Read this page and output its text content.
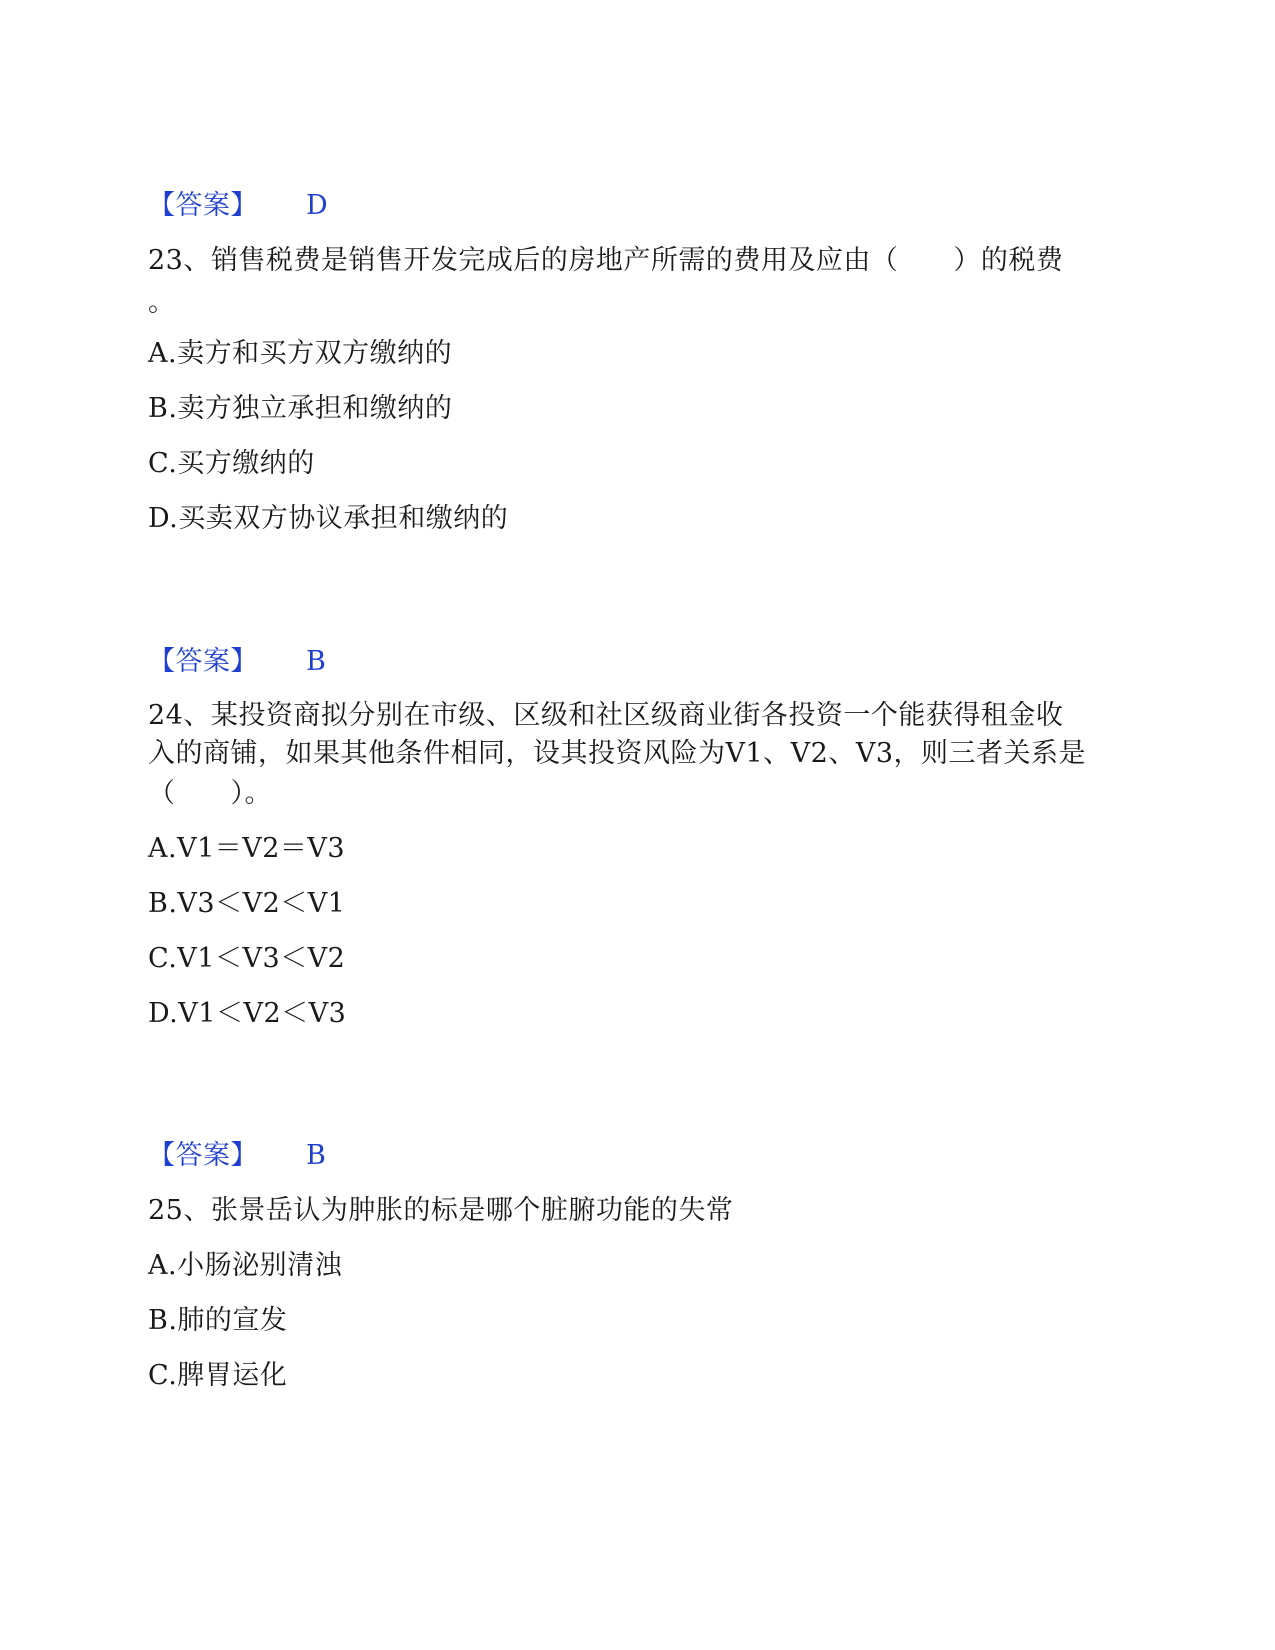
【答案】 D
23、销售税费是销售开发完成后的房地产所需的费用及应由（　　）的税费
。
A.卖方和买方双方缴纳的
B.卖方独立承担和缴纳的
C.买方缴纳的
D.买卖双方协议承担和缴纳的
【答案】 B
24、某投资商拟分别在市级、区级和社区级商业街各投资一个能获得租金收
入的商铺，如果其他条件相同，设其投资风险为V1、V2、V3，则三者关系是
（　　）。
A.V1＝V2＝V3
B.V3＜V2＜V1
C.V1＜V3＜V2
D.V1＜V2＜V3
【答案】 B
25、张景岳认为肿胀的标是哪个脏腑功能的失常
A.小肠泌别清浊
B.肺的宣发
C.脾胃运化
